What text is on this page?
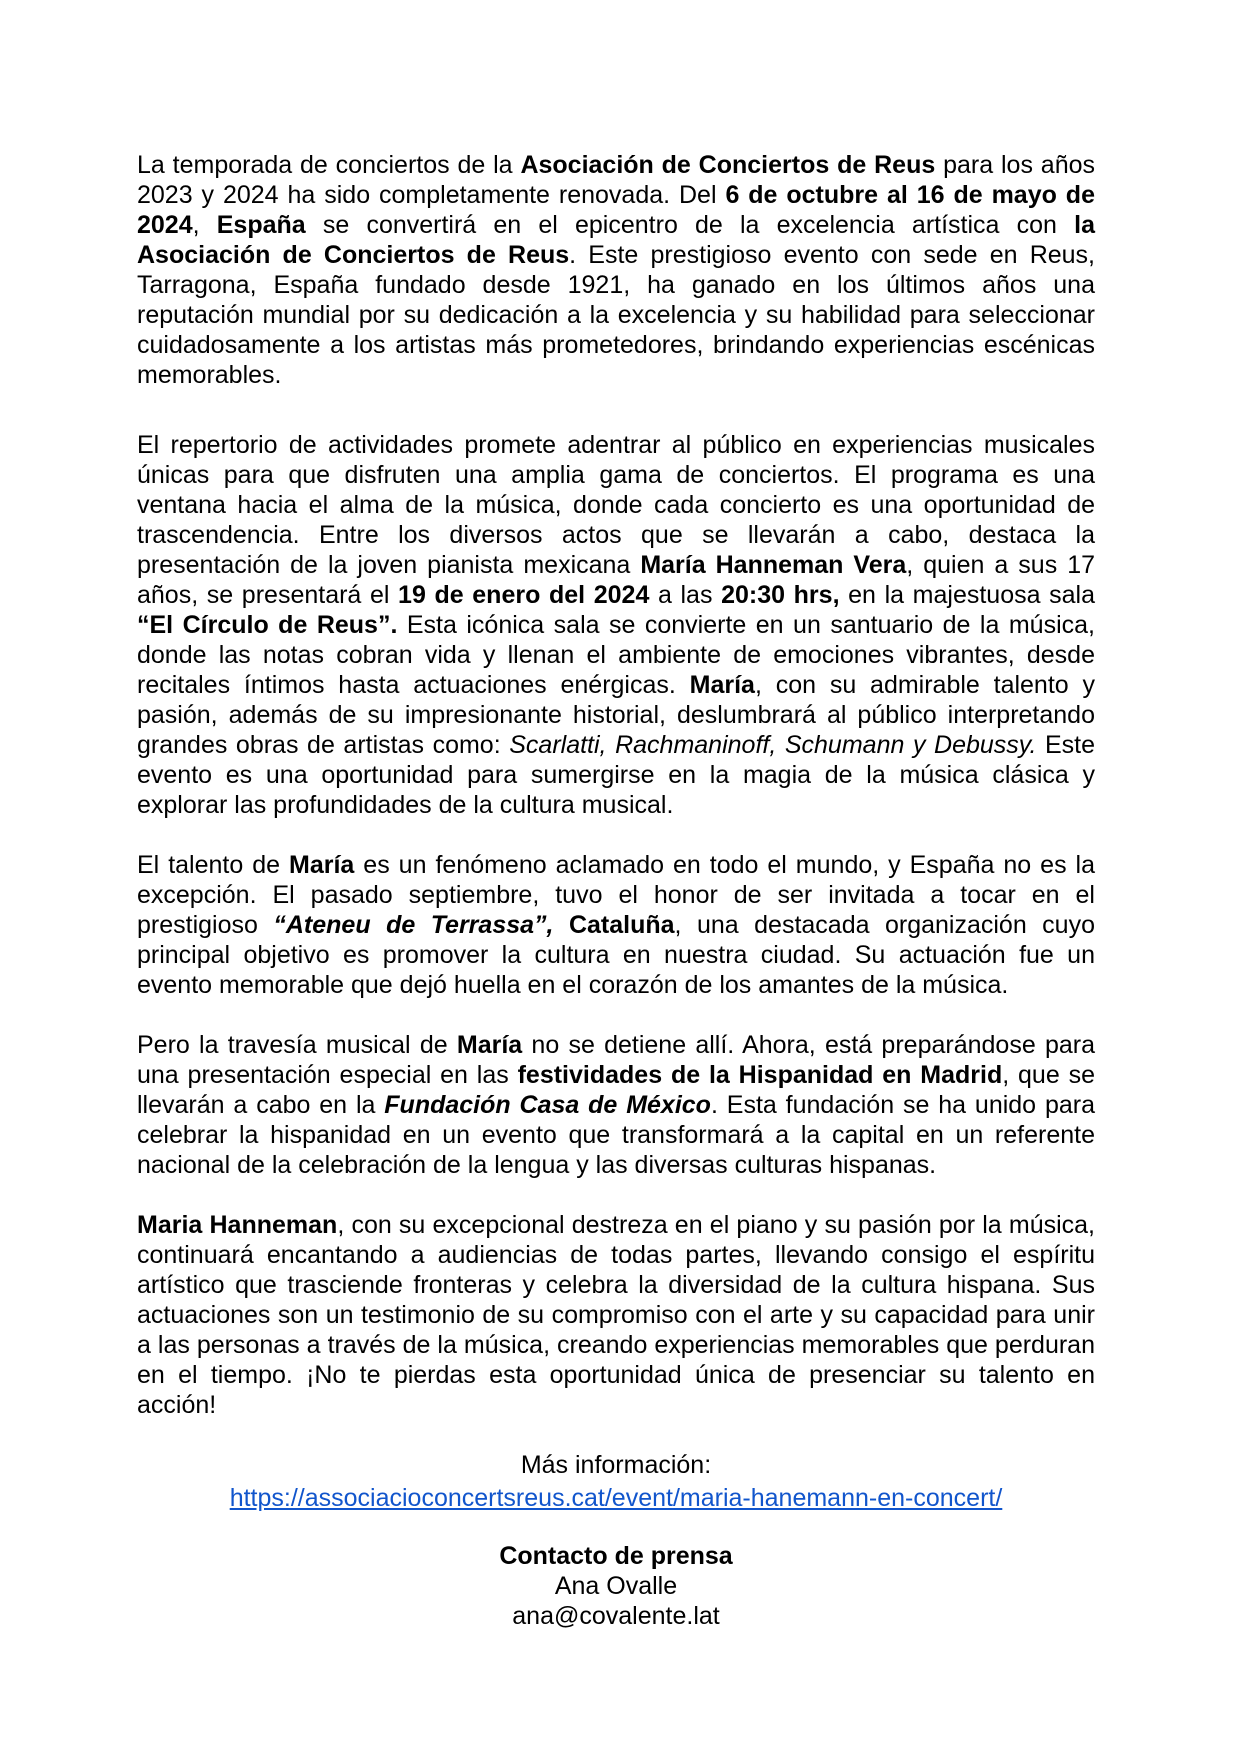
La temporada de conciertos de la Asociación de Conciertos de Reus para los años 2023 y 2024 ha sido completamente renovada. Del 6 de octubre al 16 de mayo de 2024, España se convertirá en el epicentro de la excelencia artística con la Asociación de Conciertos de Reus. Este prestigioso evento con sede en Reus, Tarragona, España fundado desde 1921, ha ganado en los últimos años una reputación mundial por su dedicación a la excelencia y su habilidad para seleccionar cuidadosamente a los artistas más prometedores, brindando experiencias escénicas memorables.

El repertorio de actividades promete adentrar al público en experiencias musicales únicas para que disfruten una amplia gama de conciertos. El programa es una ventana hacia el alma de la música, donde cada concierto es una oportunidad de trascendencia. Entre los diversos actos que se llevarán a cabo, destaca la presentación de la joven pianista mexicana María Hanneman Vera, quien a sus 17 años, se presentará el 19 de enero del 2024 a las 20:30 hrs, en la majestuosa sala “El Círculo de Reus”. Esta icónica sala se convierte en un santuario de la música, donde las notas cobran vida y llenan el ambiente de emociones vibrantes, desde recitales íntimos hasta actuaciones enérgicas. María, con su admirable talento y pasión, además de su impresionante historial, deslumbrará al público interpretando grandes obras de artistas como: Scarlatti, Rachmaninoff, Schumann y Debussy. Este evento es una oportunidad para sumergirse en la magia de la música clásica y explorar las profundidades de la cultura musical.

El talento de María es un fenómeno aclamado en todo el mundo, y España no es la excepción. El pasado septiembre, tuvo el honor de ser invitada a tocar en el prestigioso “Ateneu de Terrassa”, Cataluña, una destacada organización cuyo principal objetivo es promover la cultura en nuestra ciudad. Su actuación fue un evento memorable que dejó huella en el corazón de los amantes de la música.

Pero la travesía musical de María no se detiene allí. Ahora, está preparándose para una presentación especial en las festividades de la Hispanidad en Madrid, que se llevarán a cabo en la Fundación Casa de México. Esta fundación se ha unido para celebrar la hispanidad en un evento que transformará a la capital en un referente nacional de la celebración de la lengua y las diversas culturas hispanas.

Maria Hanneman, con su excepcional destreza en el piano y su pasión por la música, continuará encantando a audiencias de todas partes, llevando consigo el espíritu artístico que trasciende fronteras y celebra la diversidad de la cultura hispana. Sus actuaciones son un testimonio de su compromiso con el arte y su capacidad para unir a las personas a través de la música, creando experiencias memorables que perduran en el tiempo. ¡No te pierdas esta oportunidad única de presenciar su talento en acción!

Más información:

https://associacioconcertsreus.cat/event/maria-hanemann-en-concert/

Contacto de prensa

Ana Ovalle

ana@covalente.lat
